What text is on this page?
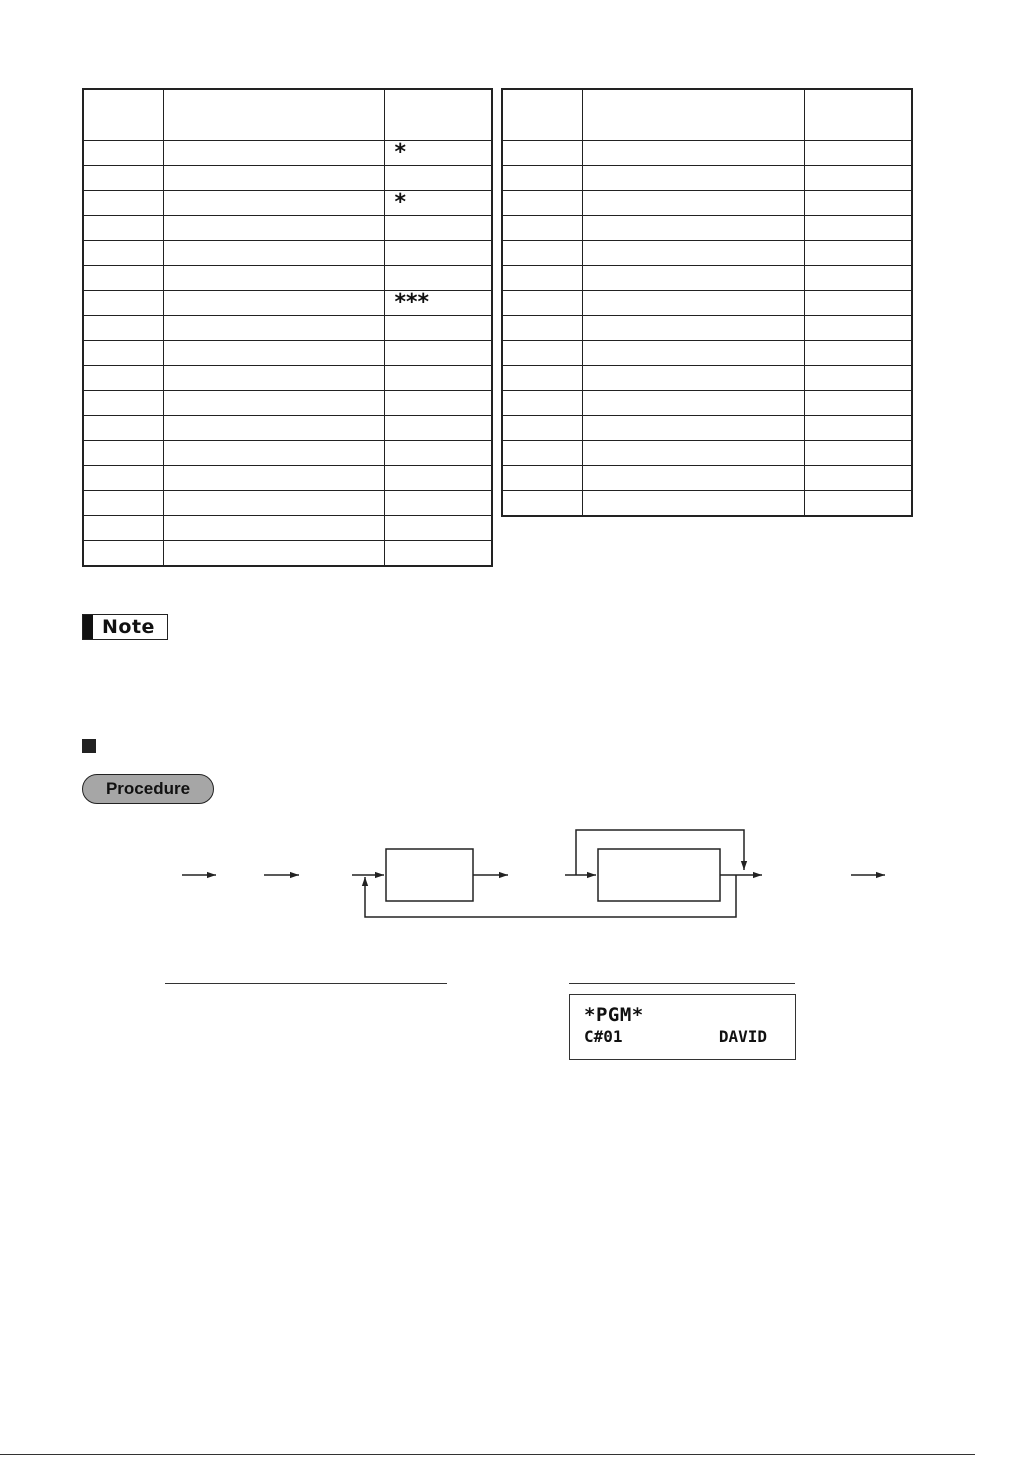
		*

		*

		***

Note
Procedure
*PGM*
C#01	DAVID
